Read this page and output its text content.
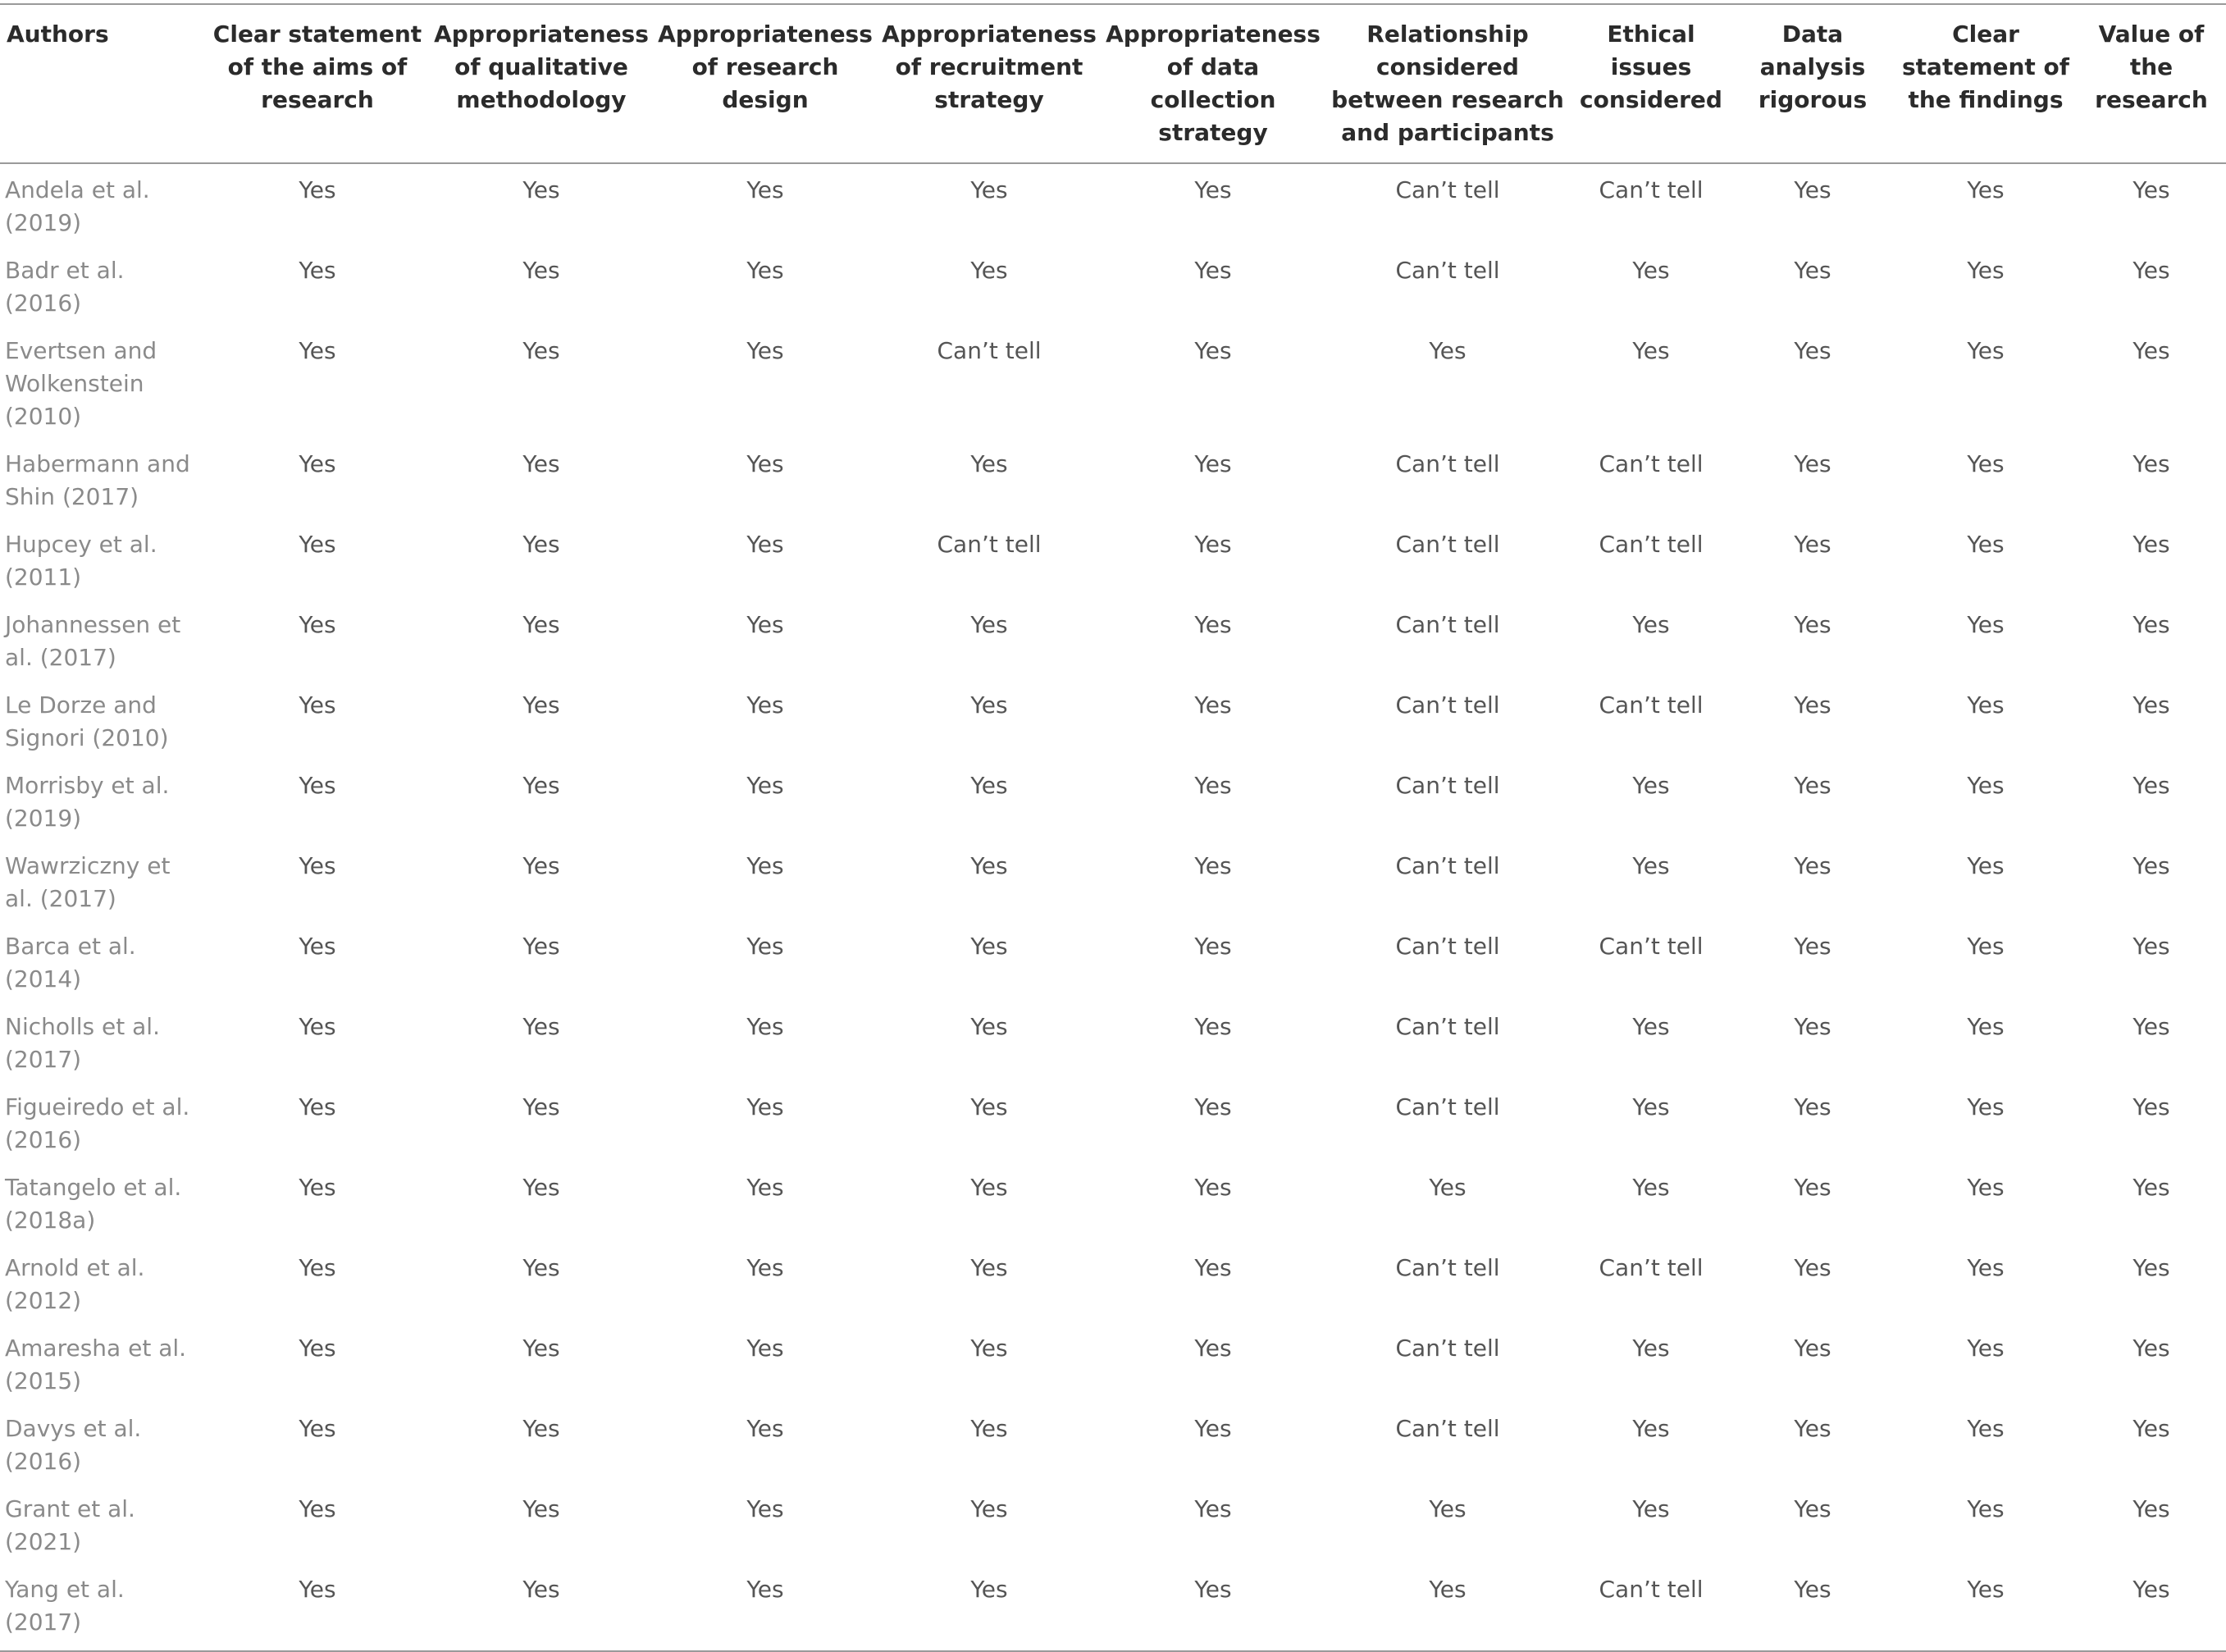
Authors	Clear statement of the aims of research	Appropriateness of qualitative methodology	Appropriateness of research design	Appropriateness of recruitment strategy	Appropriateness of data collection strategy	Relationship considered between research and participants	Ethical issues considered	Data analysis rigorous	Clear statement of the findings	Value of the research
Andela et al. (2019)	Yes	Yes	Yes	Yes	Yes	Can’t tell	Can’t tell	Yes	Yes	Yes
Badr et al. (2016)	Yes	Yes	Yes	Yes	Yes	Can’t tell	Yes	Yes	Yes	Yes
Evertsen and Wolkenstein (2010)	Yes	Yes	Yes	Can’t tell	Yes	Yes	Yes	Yes	Yes	Yes
Habermann and Shin (2017)	Yes	Yes	Yes	Yes	Yes	Can’t tell	Can’t tell	Yes	Yes	Yes
Hupcey et al. (2011)	Yes	Yes	Yes	Can’t tell	Yes	Can’t tell	Can’t tell	Yes	Yes	Yes
Johannessen et al. (2017)	Yes	Yes	Yes	Yes	Yes	Can’t tell	Yes	Yes	Yes	Yes
Le Dorze and Signori (2010)	Yes	Yes	Yes	Yes	Yes	Can’t tell	Can’t tell	Yes	Yes	Yes
Morrisby et al. (2019)	Yes	Yes	Yes	Yes	Yes	Can’t tell	Yes	Yes	Yes	Yes
Wawrziczny et al. (2017)	Yes	Yes	Yes	Yes	Yes	Can’t tell	Yes	Yes	Yes	Yes
Barca et al. (2014)	Yes	Yes	Yes	Yes	Yes	Can’t tell	Can’t tell	Yes	Yes	Yes
Nicholls et al. (2017)	Yes	Yes	Yes	Yes	Yes	Can’t tell	Yes	Yes	Yes	Yes
Figueiredo et al. (2016)	Yes	Yes	Yes	Yes	Yes	Can’t tell	Yes	Yes	Yes	Yes
Tatangelo et al. (2018a)	Yes	Yes	Yes	Yes	Yes	Yes	Yes	Yes	Yes	Yes
Arnold et al. (2012)	Yes	Yes	Yes	Yes	Yes	Can’t tell	Can’t tell	Yes	Yes	Yes
Amaresha et al. (2015)	Yes	Yes	Yes	Yes	Yes	Can’t tell	Yes	Yes	Yes	Yes
Davys et al. (2016)	Yes	Yes	Yes	Yes	Yes	Can’t tell	Yes	Yes	Yes	Yes
Grant et al. (2021)	Yes	Yes	Yes	Yes	Yes	Yes	Yes	Yes	Yes	Yes
Yang et al. (2017)	Yes	Yes	Yes	Yes	Yes	Yes	Can’t tell	Yes	Yes	Yes
